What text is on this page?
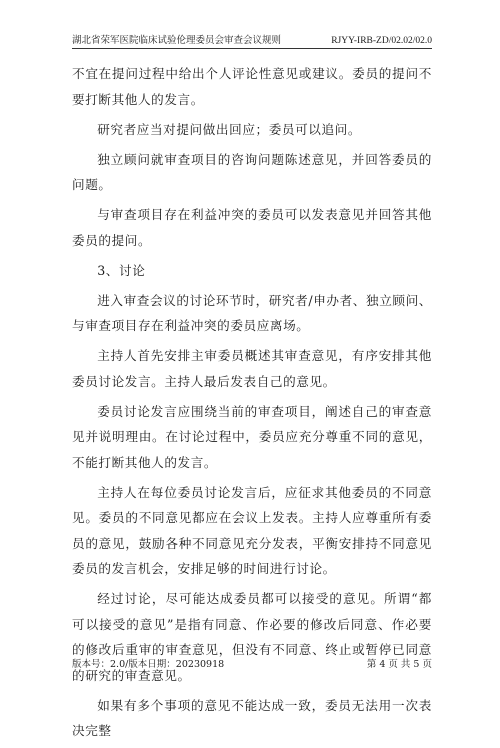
湖北省荣军医院临床试验伦理委员会审查会议规则	RJYY-IRB-ZD/02.02/02.0

不宜在提问过程中给出个人评论性意见或建议。委员的提问不要打断其他人的发言。

研究者应当对提问做出回应；委员可以追问。

独立顾问就审查项目的咨询问题陈述意见，并回答委员的问题。

与审查项目存在利益冲突的委员可以发表意见并回答其他委员的提问。

3、讨论

进入审查会议的讨论环节时，研究者/申办者、独立顾问、与审查项目存在利益冲突的委员应离场。

主持人首先安排主审委员概述其审查意见，有序安排其他委员讨论发言。主持人最后发表自己的意见。

委员讨论发言应围绕当前的审查项目，阐述自己的审查意见并说明理由。在讨论过程中，委员应充分尊重不同的意见，不能打断其他人的发言。

主持人在每位委员讨论发言后，应征求其他委员的不同意见。委员的不同意见都应在会议上发表。主持人应尊重所有委员的意见，鼓励各种不同意见充分发表，平衡安排持不同意见委员的发言机会，安排足够的时间进行讨论。

经过讨论，尽可能达成委员都可以接受的意见。所谓“都可以接受的意见”是指有同意、作必要的修改后同意、作必要的修改后重审的审查意见，但没有不同意、终止或暂停已同意的研究的审查意见。

如果有多个事项的意见不能达成一致，委员无法用一次表决完整

版本号：2.0/版本日期：20230918	第 4 页 共 5 页
